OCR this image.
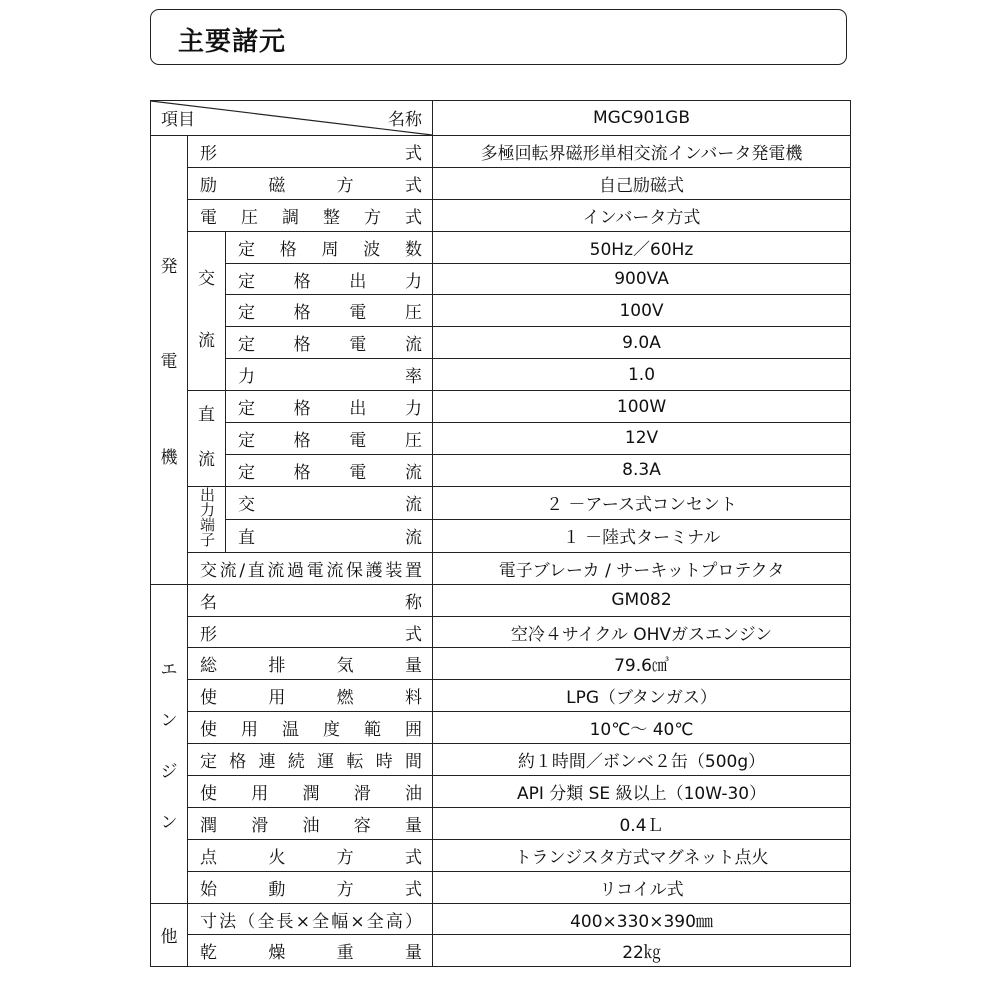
主要諸元
項目 名称			MGC901GB

発
電
機	形式		多極回転界磁形単相交流インバータ発電機
	励磁方式		自己励磁式
	電圧調整方式		インバータ方式

	交
流	定格周波数	50Hz／60Hz
		定格出力	900VA
		定格電圧	100V
		定格電流	9.0A
		力率	1.0

	直
流	定格出力	100W
		定格電圧	12V
		定格電流	8.3A
	出力端子	交流	２ －アース式コンセント
		直流	１ －陸式ターミナル
	交流/直流過電流保護装置		電子ブレーカ / サーキットプロテクタ

エ
ン
ジ
ン	名称		GM082
	形式		空冷４サイクル OHVガスエンジン
	総排気量		79.6㎤
	使用燃料		LPG（ブタンガス）
	使用温度範囲		10℃～ 40℃
	定格連続運転時間		約１時間／ボンベ２缶（500g）
	使用潤滑油		API 分類 SE 級以上（10W-30）
	潤滑油容量		0.4Ｌ
	点火方式		トランジスタ方式マグネット点火
	始動方式		リコイル式

他	寸法（全長×全幅×全高）		400×330×390㎜
	乾燥重量		22㎏
